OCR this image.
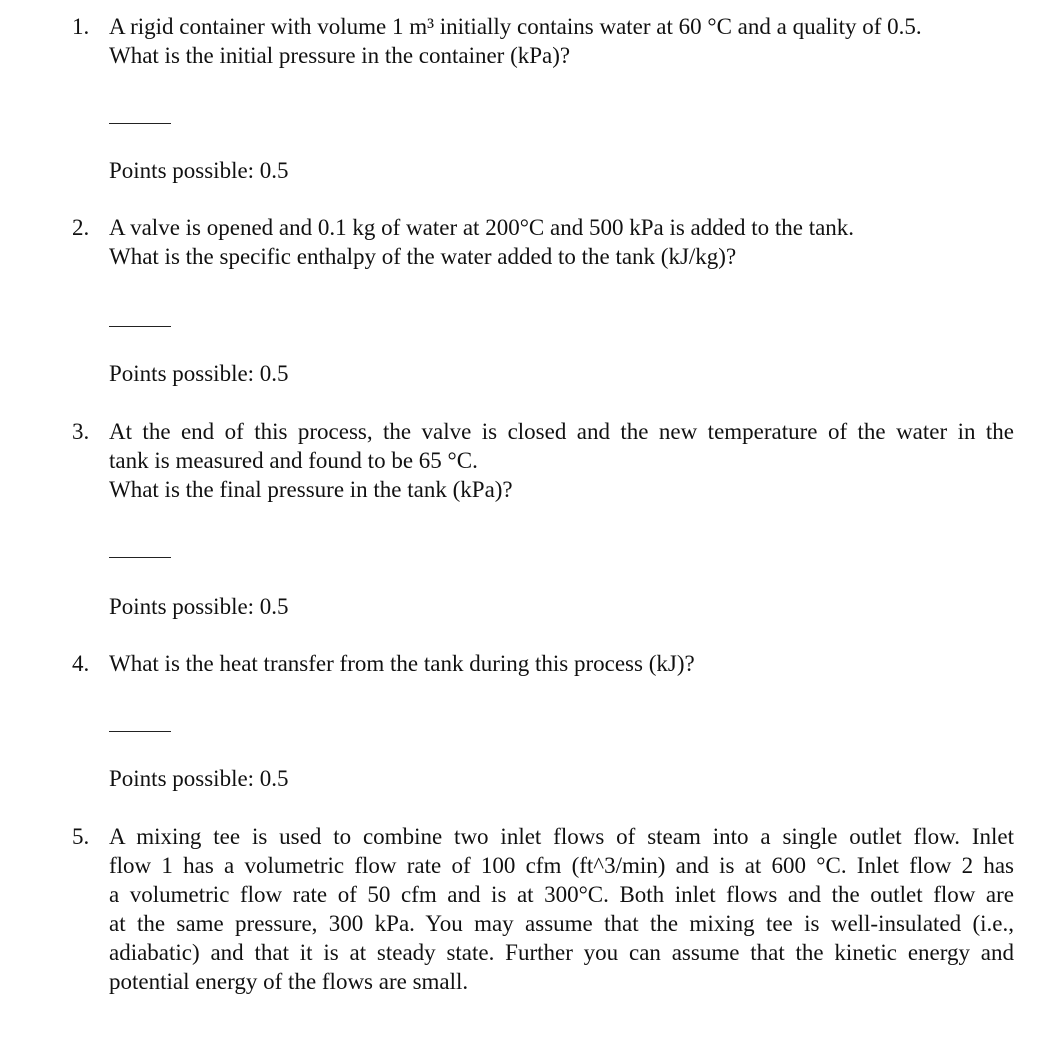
1. A rigid container with volume 1 m³ initially contains water at 60 °C and a quality of 0.5.
What is the initial pressure in the container (kPa)?
Points possible: 0.5
2. A valve is opened and 0.1 kg of water at 200°C and 500 kPa is added to the tank.
What is the specific enthalpy of the water added to the tank (kJ/kg)?
Points possible: 0.5
3. At the end of this process, the valve is closed and the new temperature of the water in the
tank is measured and found to be 65 °C.
What is the final pressure in the tank (kPa)?
Points possible: 0.5
4. What is the heat transfer from the tank during this process (kJ)?
Points possible: 0.5
5. A mixing tee is used to combine two inlet flows of steam into a single outlet flow. Inlet
flow 1 has a volumetric flow rate of 100 cfm (ft^3/min) and is at 600 °C. Inlet flow 2 has
a volumetric flow rate of 50 cfm and is at 300°C. Both inlet flows and the outlet flow are
at the same pressure, 300 kPa. You may assume that the mixing tee is well-insulated (i.e.,
adiabatic) and that it is at steady state. Further you can assume that the kinetic energy and
potential energy of the flows are small.
